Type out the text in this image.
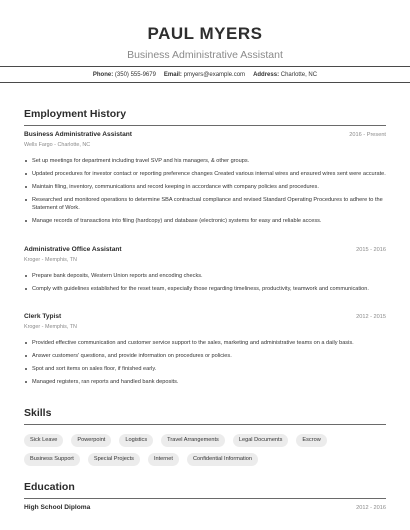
PAUL MYERS
Business Administrative Assistant
Phone: (350) 555-9679 Email: pmyers@example.com Address: Charlotte, NC
Employment History
Business Administrative Assistant	2016 - Present
Wells Fargo - Charlotte, NC
Set up meetings for department including travel SVP and his managers, & other groups.
Updated procedures for investor contact or reporting preference changes Created various internal wires and ensured wires sent were accurate.
Maintain filing, inventory, communications and record keeping in accordance with company policies and procedures.
Researched and monitored operations to determine SBA contractual compliance and revised Standard Operating Procedures to adhere to the Statement of Work.
Manage records of transactions into filing (hardcopy) and database (electronic) systems for easy and reliable access.
Administrative Office Assistant	2015 - 2016
Kroger - Memphis, TN
Prepare bank deposits, Western Union reports and encoding checks.
Comply with guidelines established for the reset team, especially those regarding timeliness, productivity, teamwork and communication.
Clerk Typist	2012 - 2015
Kroger - Memphis, TN
Provided effective communication and customer service support to the sales, marketing and administrative teams on a daily basis.
Answer customers' questions, and provide information on procedures or policies.
Spot and sort items on sales floor, if finished early.
Managed registers, ran reports and handled bank deposits.
Skills
Sick Leave	Powerpoint	Logistics	Travel Arrangements	Legal Documents	Escrow
Business Support	Special Projects	Internet	Confidential Information
Education
High School Diploma	2012 - 2016
